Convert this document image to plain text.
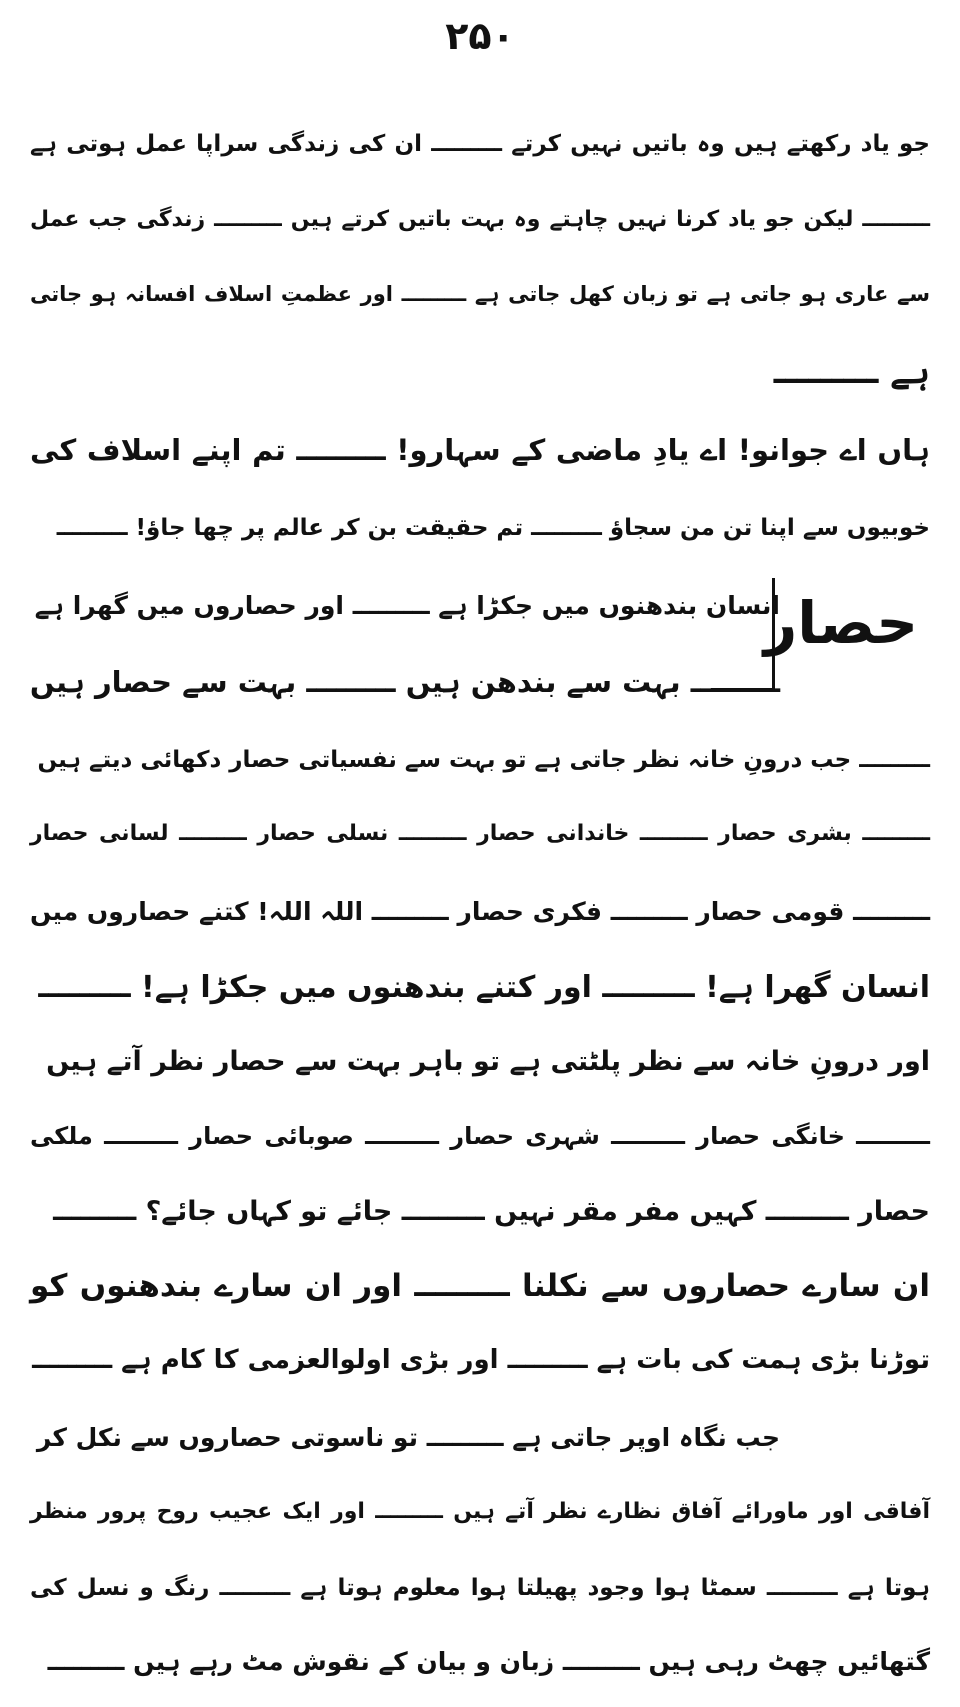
۲۵۰
جو یاد رکھتے ہیں وہ باتیں نہیں کرتے ـــــــــ ان کی زندگی سراپا عمل ہوتی ہے
ـــــــــ لیکن جو یاد کرنا نہیں چاہتے وہ بہت باتیں کرتے ہیں ـــــــــ زندگی جب عمل
سے عاری ہو جاتی ہے تو زبان کھل جاتی ہے ـــــــــ اور عظمتِ اسلاف افسانہ ہو جاتی
ہے ـــــــــ
ہاں اے جوانو! اے یادِ ماضی کے سہارو! ـــــــــ تم اپنے اسلاف کی
خوبیوں سے اپنا تن من سجاؤ ـــــــــ تم حقیقت بن کر عالم پر چھا جاؤ! ـــــــــ
حصار
انسان بندھنوں میں جکڑا ہے ـــــــــ اور حصاروں میں گھرا ہے
ـــــــــ بہت سے بندھن ہیں ـــــــــ بہت سے حصار ہیں
ـــــــــ جب درونِ خانہ نظر جاتی ہے تو بہت سے نفسیاتی حصار دکھائی دیتے ہیں
ـــــــــ بشری حصار ـــــــــ خاندانی حصار ـــــــــ نسلی حصار ـــــــــ لسانی حصار
ـــــــــ قومی حصار ـــــــــ فکری حصار ـــــــــ اللہ اللہ! کتنے حصاروں میں
انسان گھرا ہے! ـــــــــ اور کتنے بندھنوں میں جکڑا ہے! ـــــــــ
اور درونِ خانہ سے نظر پلٹتی ہے تو باہر بہت سے حصار نظر آتے ہیں
ـــــــــ خانگی حصار ـــــــــ شہری حصار ـــــــــ صوبائی حصار ـــــــــ ملکی
حصار ـــــــــ کہیں مفر مقر نہیں ـــــــــ جائے تو کہاں جائے؟ ـــــــــ
ان سارے حصاروں سے نکلنا ـــــــــ اور ان سارے بندھنوں کو
توڑنا بڑی ہمت کی بات ہے ـــــــــ اور بڑی اولوالعزمی کا کام ہے ـــــــــ
جب نگاہ اوپر جاتی ہے ـــــــــ تو ناسوتی حصاروں سے نکل کر
آفاقی اور ماورائے آفاق نظارے نظر آتے ہیں ـــــــــ اور ایک عجیب روح پرور منظر
ہوتا ہے ـــــــــ سمٹا ہوا وجود پھیلتا ہوا معلوم ہوتا ہے ـــــــــ رنگ و نسل کی
گتھائیں چھٹ رہی ہیں ـــــــــ زبان و بیان کے نقوش مٹ رہے ہیں ـــــــــ
